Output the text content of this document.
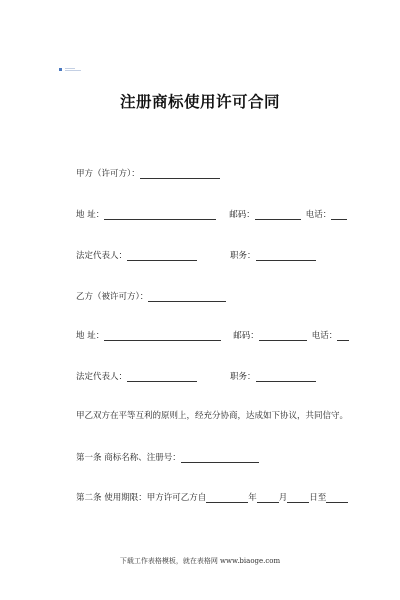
注册商标使用许可合同
甲方（许可方）：
地 址：	邮码：	电话：
法定代表人：	职务：
乙方（被许可方）：
地 址：	邮码：	电话：
法定代表人：	职务：
甲乙双方在平等互利的原则上，经充分协商，达成如下协议，共同信守。
第一条 商标名称、注册号：
第二条 使用期限：甲方许可乙方自	年	月	日至
下载工作表格模板，就在表格网 www.biaoge.com
